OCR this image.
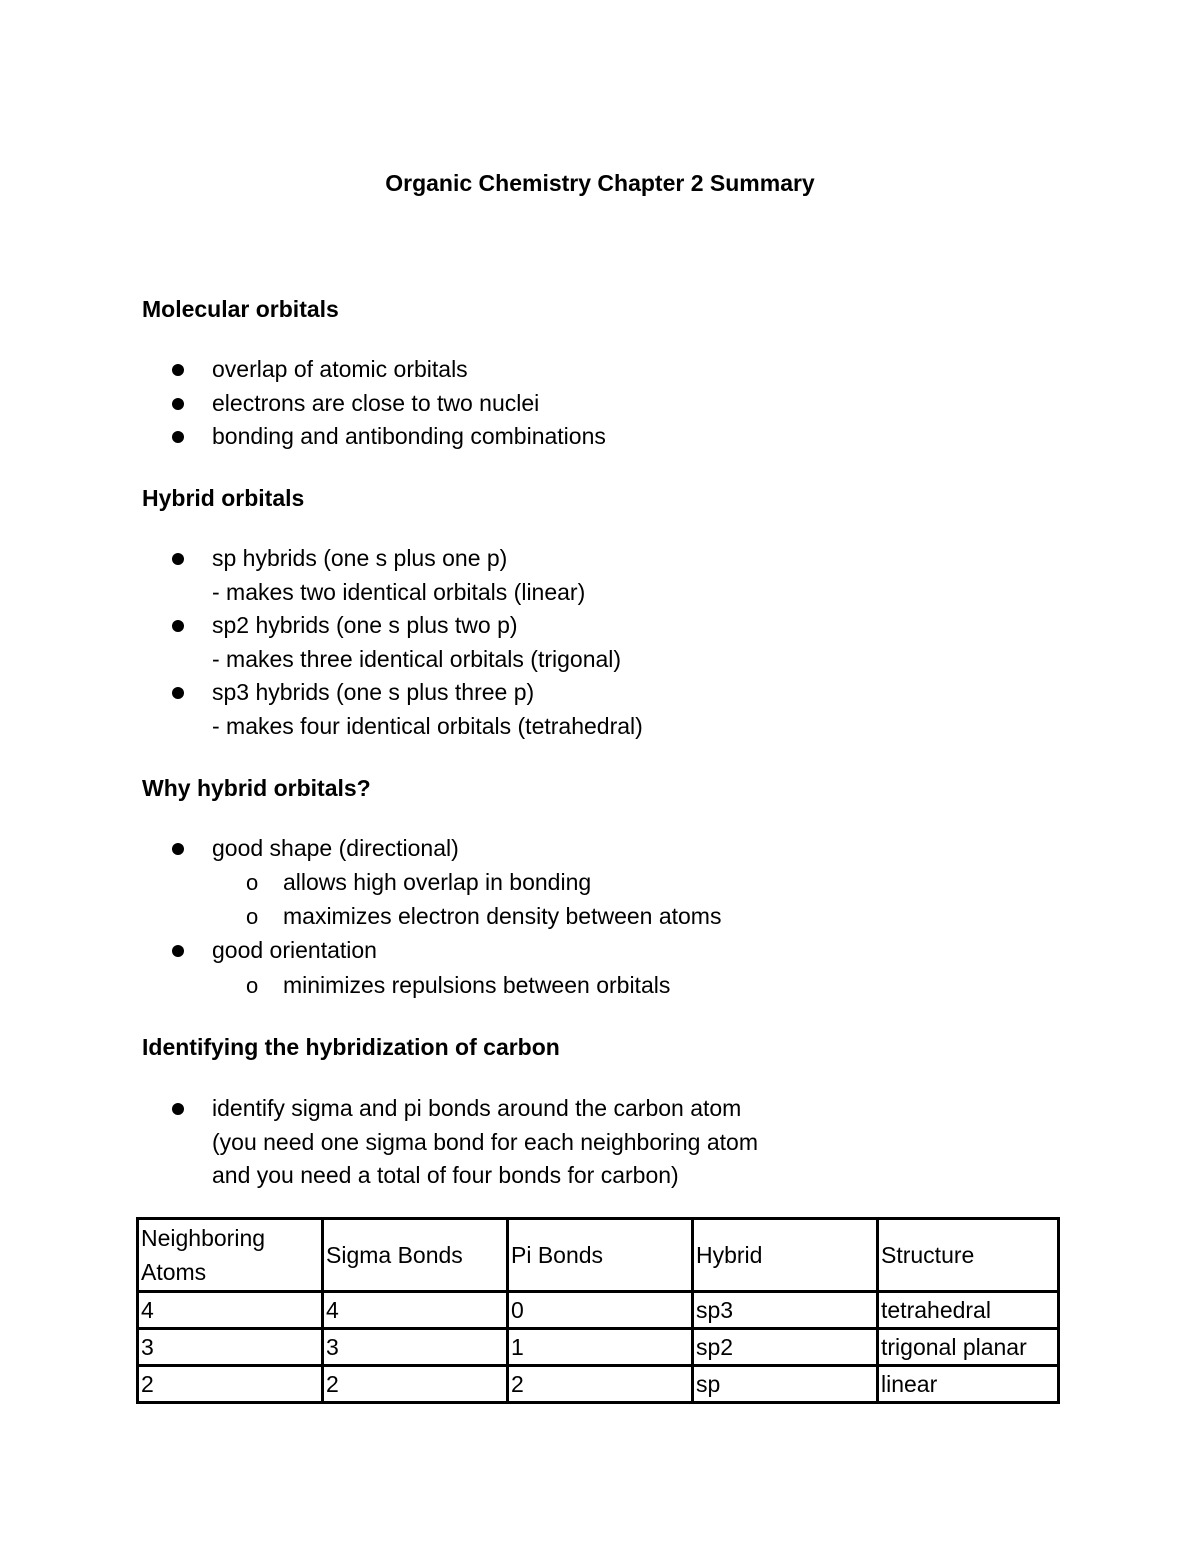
Organic Chemistry Chapter 2 Summary
Molecular orbitals
overlap of atomic orbitals
electrons are close to two nuclei
bonding and antibonding combinations
Hybrid orbitals
sp hybrids (one s plus one p)
- makes two identical orbitals (linear)
sp2 hybrids (one s plus two p)
- makes three identical orbitals (trigonal)
sp3 hybrids (one s plus three p)
- makes four identical orbitals (tetrahedral)
Why hybrid orbitals?
good shape (directional)
o allows high overlap in bonding
o maximizes electron density between atoms
good orientation
o minimizes repulsions between orbitals
Identifying the hybridization of carbon
identify sigma and pi bonds around the carbon atom
(you need one sigma bond for each neighboring atom
and you need a total of four bonds for carbon)
Neighboring
Atoms	Sigma Bonds	Pi Bonds	Hybrid	Structure
4	4	0	sp3	tetrahedral
3	3	1	sp2	trigonal planar
2	2	2	sp	linear
